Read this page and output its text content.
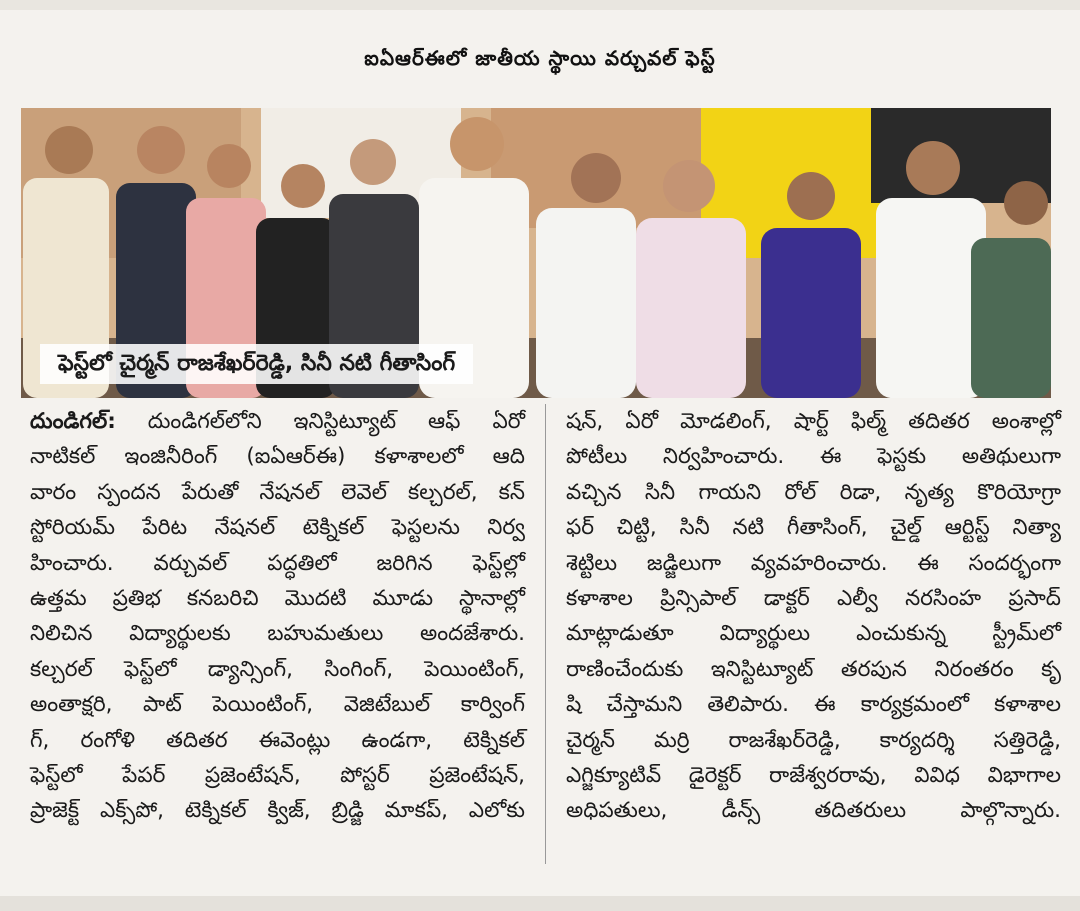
ఐఏఆర్ఈలో జాతీయ స్థాయి వర్చువల్ ఫెస్ట్
ఫెస్ట్‌లో చైర్మన్ రాజశేఖర్‌రెడ్డి, సినీ నటి గీతాసింగ్
దుండిగల్: దుండిగల్‌లోని ఇనిస్టిట్యూట్ ఆఫ్ ఏరో
నాటికల్ ఇంజినీరింగ్ (ఐఏఆర్ఈ) కళాశాలలో ఆది
వారం స్పందన పేరుతో నేషనల్ లెవెల్ కల్చరల్, కన్
స్టోరియమ్ పేరిట నేషనల్ టెక్నికల్ ఫెస్టలను నిర్వ
హించారు. వర్చువల్ పద్ధతిలో జరిగిన ఫెస్ట్‌ల్లో
ఉత్తమ ప్రతిభ కనబరిచి మొదటి మూడు స్థానాల్లో
నిలిచిన విద్యార్థులకు బహుమతులు అందజేశారు.
కల్చరల్ ఫెస్ట్‌లో డ్యాన్సింగ్, సింగింగ్, పెయింటింగ్,
అంతాక్షరి, పాట్ పెయింటింగ్, వెజిటేబుల్ కార్వింగ్
గ్, రంగోళి తదితర ఈవెంట్లు ఉండగా, టెక్నికల్
ఫెస్ట్‌లో పేపర్ ప్రజెంటేషన్, పోస్టర్ ప్రజెంటేషన్,
ప్రాజెక్ట్ ఎక్స్‌పో, టెక్నికల్ క్విజ్, బ్రిడ్జి మాకప్, ఎలోకు
షన్, ఏరో మోడలింగ్, షార్ట్ ఫిల్మ్ తదితర అంశాల్లో
పోటీలు నిర్వహించారు. ఈ ఫెస్టకు అతిథులుగా
వచ్చిన సినీ గాయని రోల్ రిడా, నృత్య కొరియోగ్రా
ఫర్ చిట్టి, సినీ నటి గీతాసింగ్, చైల్డ్ ఆర్టిస్ట్ నిత్యా
శెట్టిలు జడ్జిలుగా వ్యవహరించారు. ఈ సందర్భంగా
కళాశాల ప్రిన్సిపాల్ డాక్టర్ ఎల్వీ నరసింహ ప్రసాద్
మాట్లాడుతూ విద్యార్థులు ఎంచుకున్న స్ట్రీమ్‌లో
రాణించేందుకు ఇనిస్టిట్యూట్ తరపున నిరంతరం కృ
షి చేస్తామని తెలిపారు. ఈ కార్యక్రమంలో కళాశాల
చైర్మన్ మర్రి రాజశేఖర్‌రెడ్డి, కార్యదర్శి సత్తిరెడ్డి,
ఎగ్జిక్యూటివ్ డైరెక్టర్ రాజేశ్వరరావు, వివిధ విభాగాల
అధిపతులు, డీన్స్ తదితరులు పాల్గొన్నారు.
